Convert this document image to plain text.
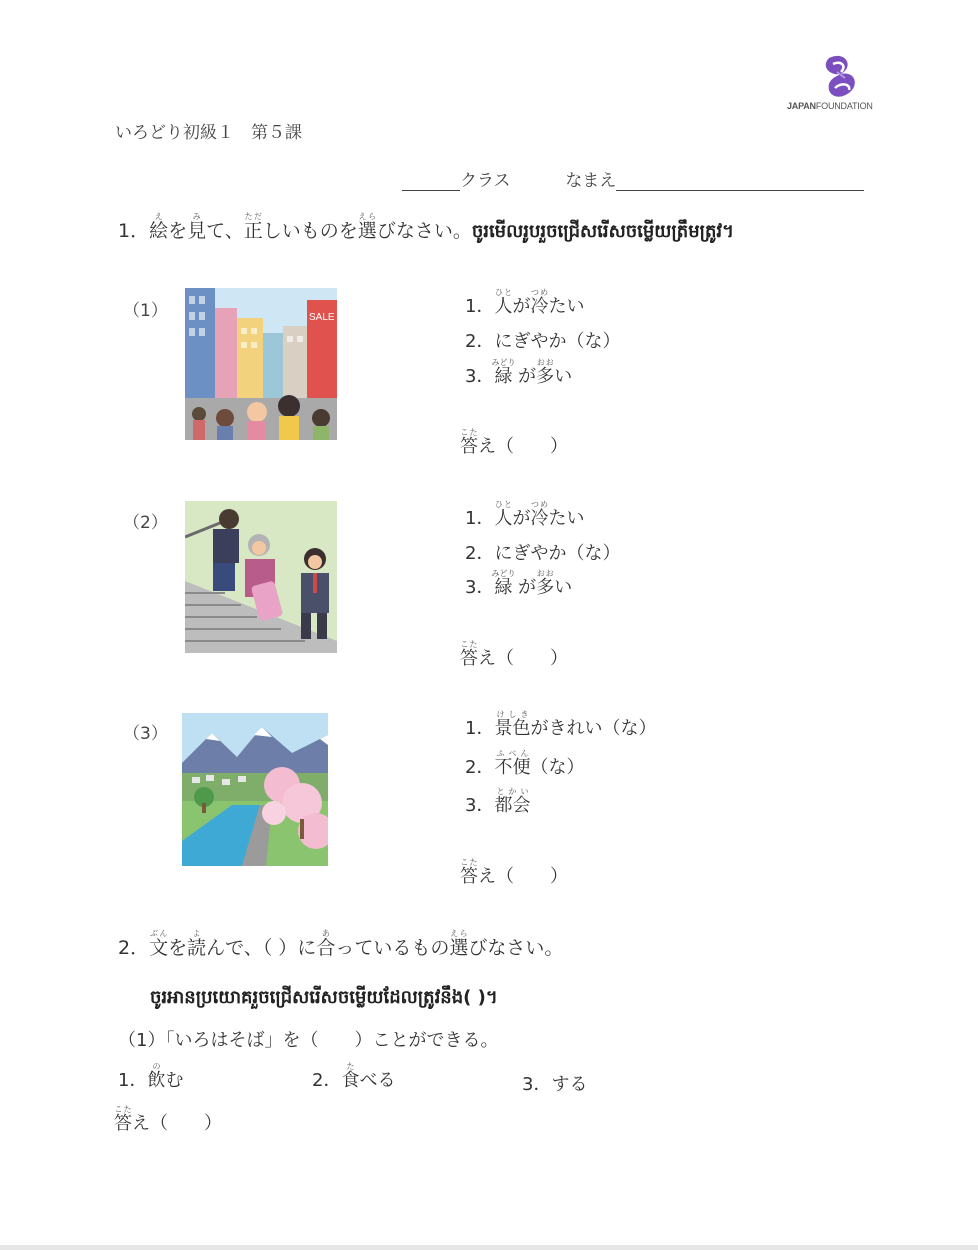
JAPANFOUNDATION
いろどり初級１　第５課
クラス	なまえ
1．絵えを見みて、正ただしいものを選えらびなさい。ចូរមើលរូបរួចជ្រើសរើសចម្លើយត្រឹមត្រូវ។
（1）	SALE
1．人ひとが冷つめたい
2．にぎやか（な）
3．緑みどり が多おおい
答こたえ（　　）
（2）	1．人ひとが冷つめたい
2．にぎやか（な）
3．緑みどり が多おおい
答こたえ（　　）
（3）	1．景色けしきがきれい（な）
2．不便ふべん（な）
3．都会とかい
答こたえ（　　）
2．文ぶんを読よんで、（ ）に合あっているもの選えらびなさい。
ចូរអានប្រយោគរួចជ្រើសរើសចម្លើយដែលត្រូវនឹង( )។
（1）「いろはそば」を（　　）ことができる。
1．飲のむ	2．食たべる	3．する
答こたえ（　　）
